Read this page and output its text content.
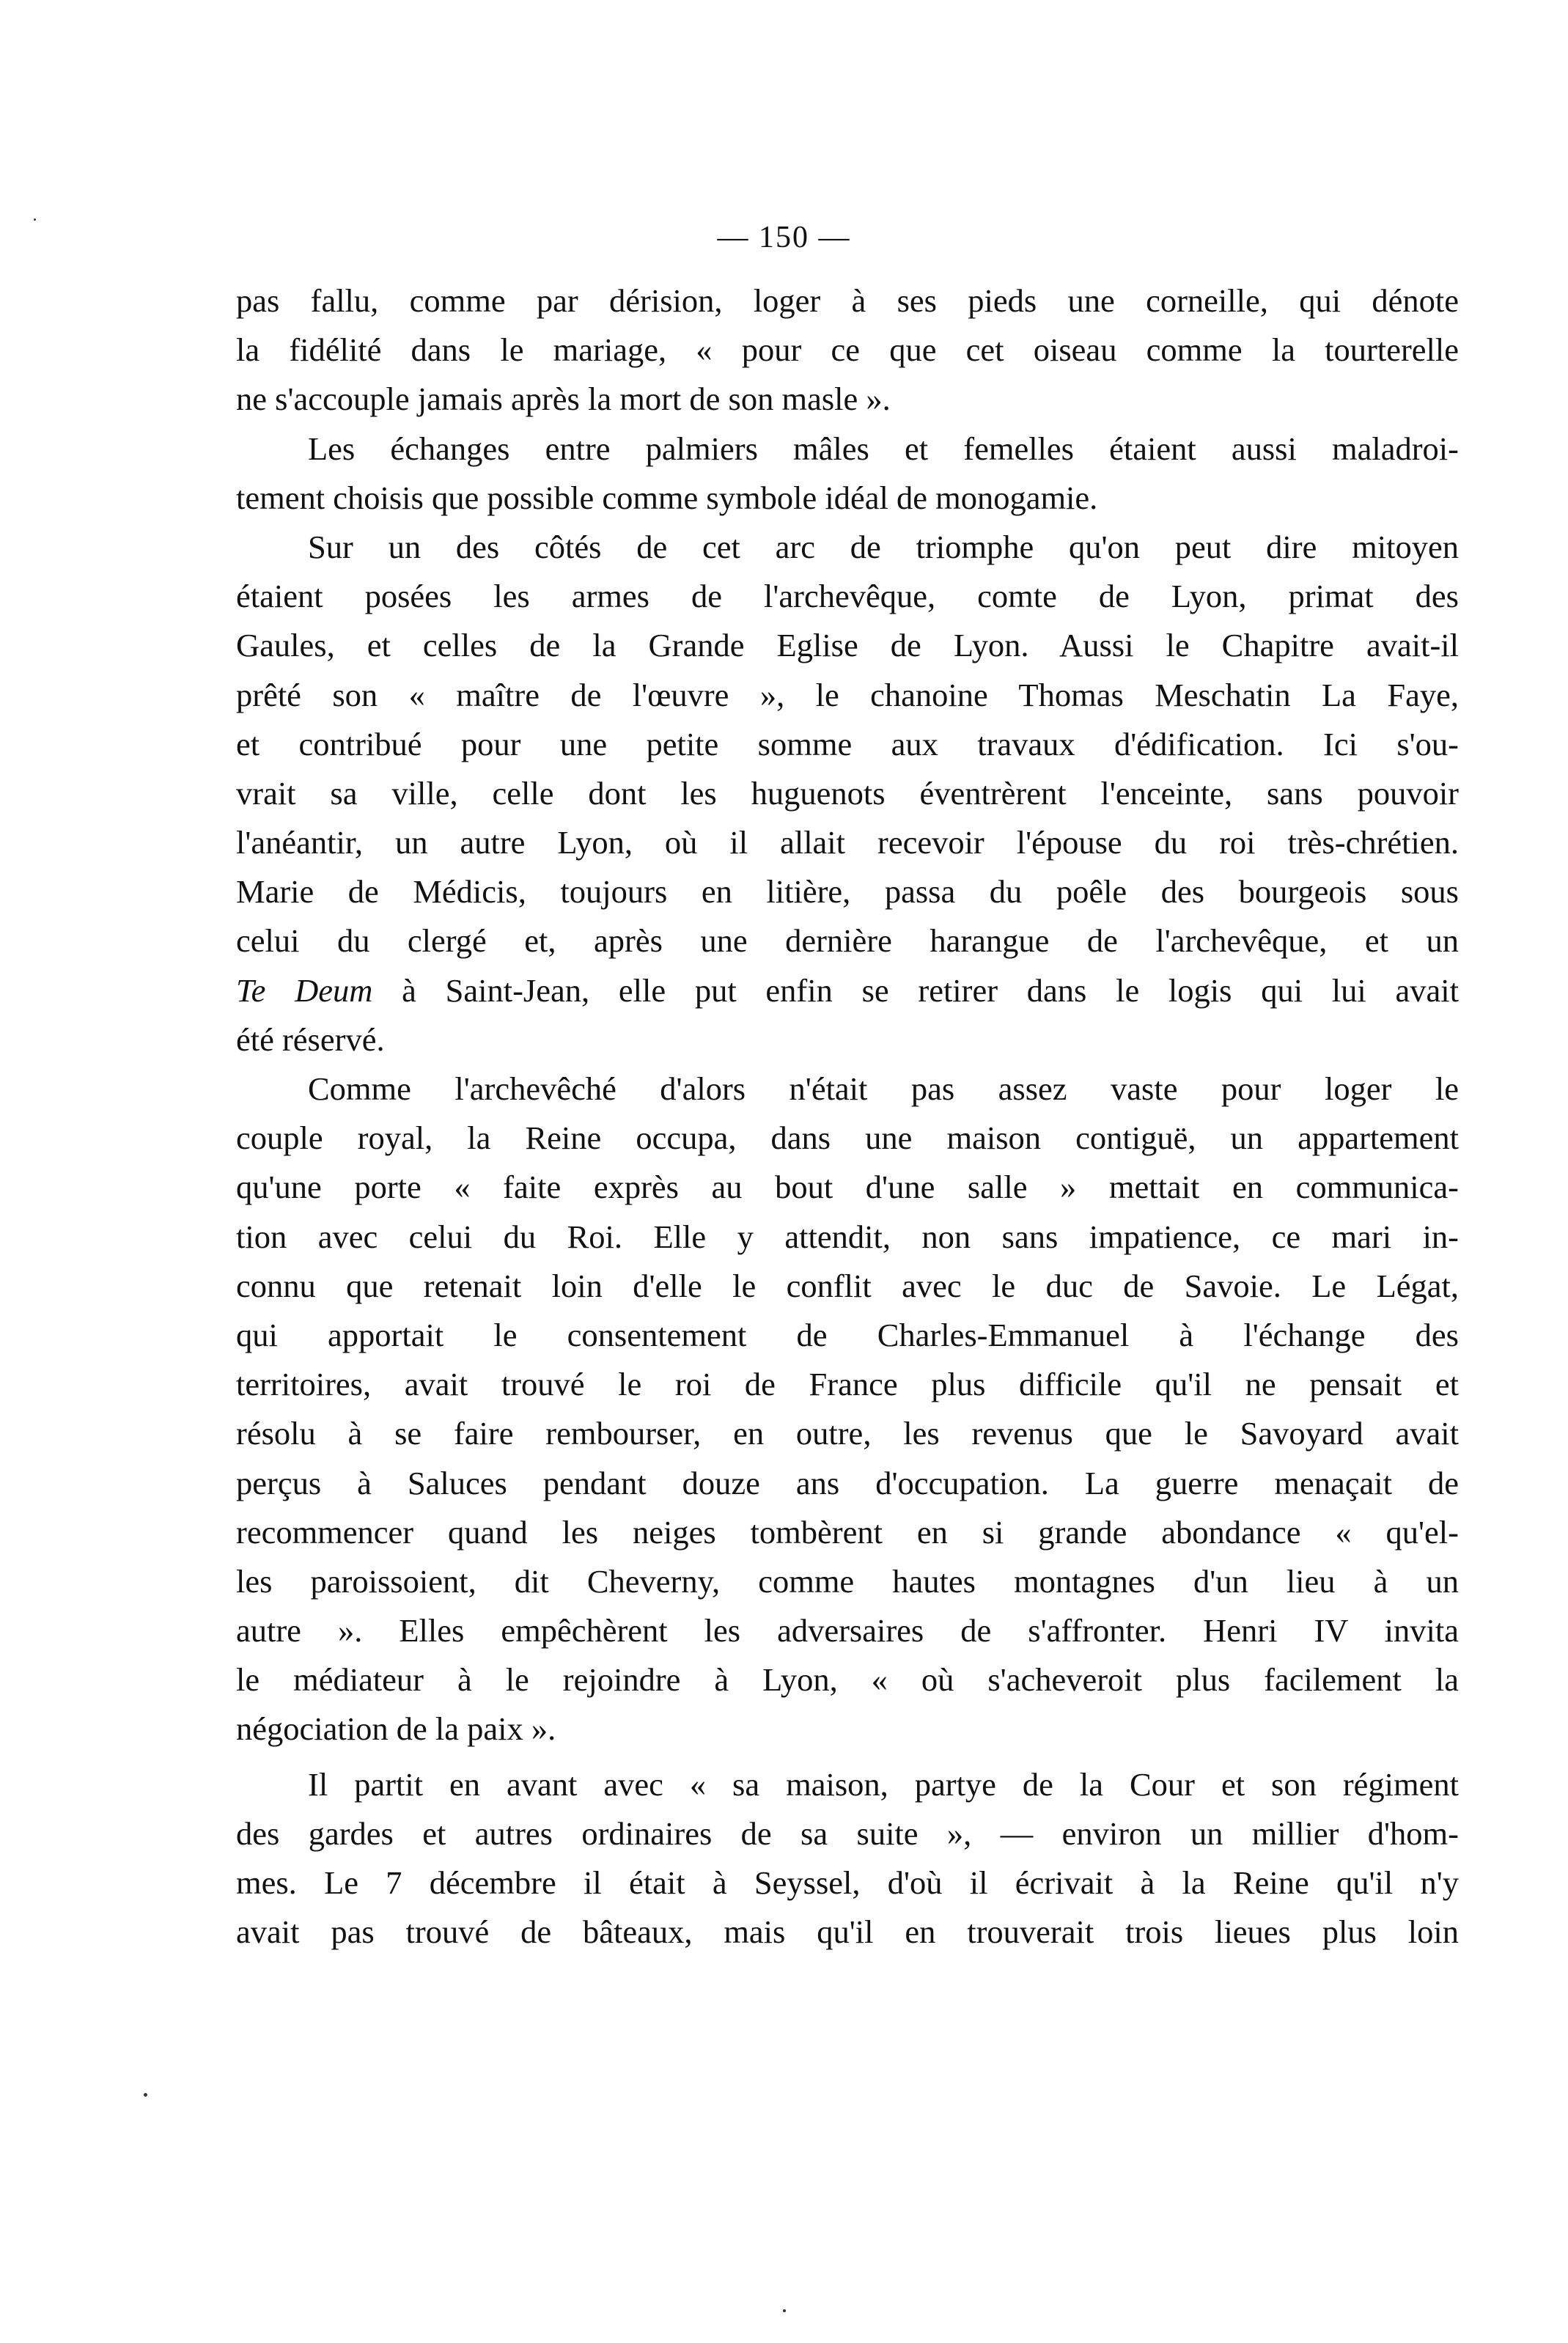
— 150 —
pas fallu, comme par dérision, loger à ses pieds une corneille, qui dénote
la fidélité dans le mariage, « pour ce que cet oiseau comme la tourterelle
ne s'accouple jamais après la mort de son masle ».
Les échanges entre palmiers mâles et femelles étaient aussi maladroi-
tement choisis que possible comme symbole idéal de monogamie.
Sur un des côtés de cet arc de triomphe qu'on peut dire mitoyen
étaient posées les armes de l'archevêque, comte de Lyon, primat des
Gaules, et celles de la Grande Eglise de Lyon. Aussi le Chapitre avait-il
prêté son « maître de l'œuvre », le chanoine Thomas Meschatin La Faye,
et contribué pour une petite somme aux travaux d'édification. Ici s'ou-
vrait sa ville, celle dont les huguenots éventrèrent l'enceinte, sans pouvoir
l'anéantir, un autre Lyon, où il allait recevoir l'épouse du roi très-chrétien.
Marie de Médicis, toujours en litière, passa du poêle des bourgeois sous
celui du clergé et, après une dernière harangue de l'archevêque, et un
Te Deum à Saint-Jean, elle put enfin se retirer dans le logis qui lui avait
été réservé.
Comme l'archevêché d'alors n'était pas assez vaste pour loger le
couple royal, la Reine occupa, dans une maison contiguë, un appartement
qu'une porte « faite exprès au bout d'une salle » mettait en communica-
tion avec celui du Roi. Elle y attendit, non sans impatience, ce mari in-
connu que retenait loin d'elle le conflit avec le duc de Savoie. Le Légat,
qui apportait le consentement de Charles-Emmanuel à l'échange des
territoires, avait trouvé le roi de France plus difficile qu'il ne pensait et
résolu à se faire rembourser, en outre, les revenus que le Savoyard avait
perçus à Saluces pendant douze ans d'occupation. La guerre menaçait de
recommencer quand les neiges tombèrent en si grande abondance « qu'el-
les paroissoient, dit Cheverny, comme hautes montagnes d'un lieu à un
autre ». Elles empêchèrent les adversaires de s'affronter. Henri IV invita
le médiateur à le rejoindre à Lyon, « où s'acheveroit plus facilement la
négociation de la paix ».
Il partit en avant avec « sa maison, partye de la Cour et son régiment
des gardes et autres ordinaires de sa suite », — environ un millier d'hom-
mes. Le 7 décembre il était à Seyssel, d'où il écrivait à la Reine qu'il n'y
avait pas trouvé de bâteaux, mais qu'il en trouverait trois lieues plus loin
